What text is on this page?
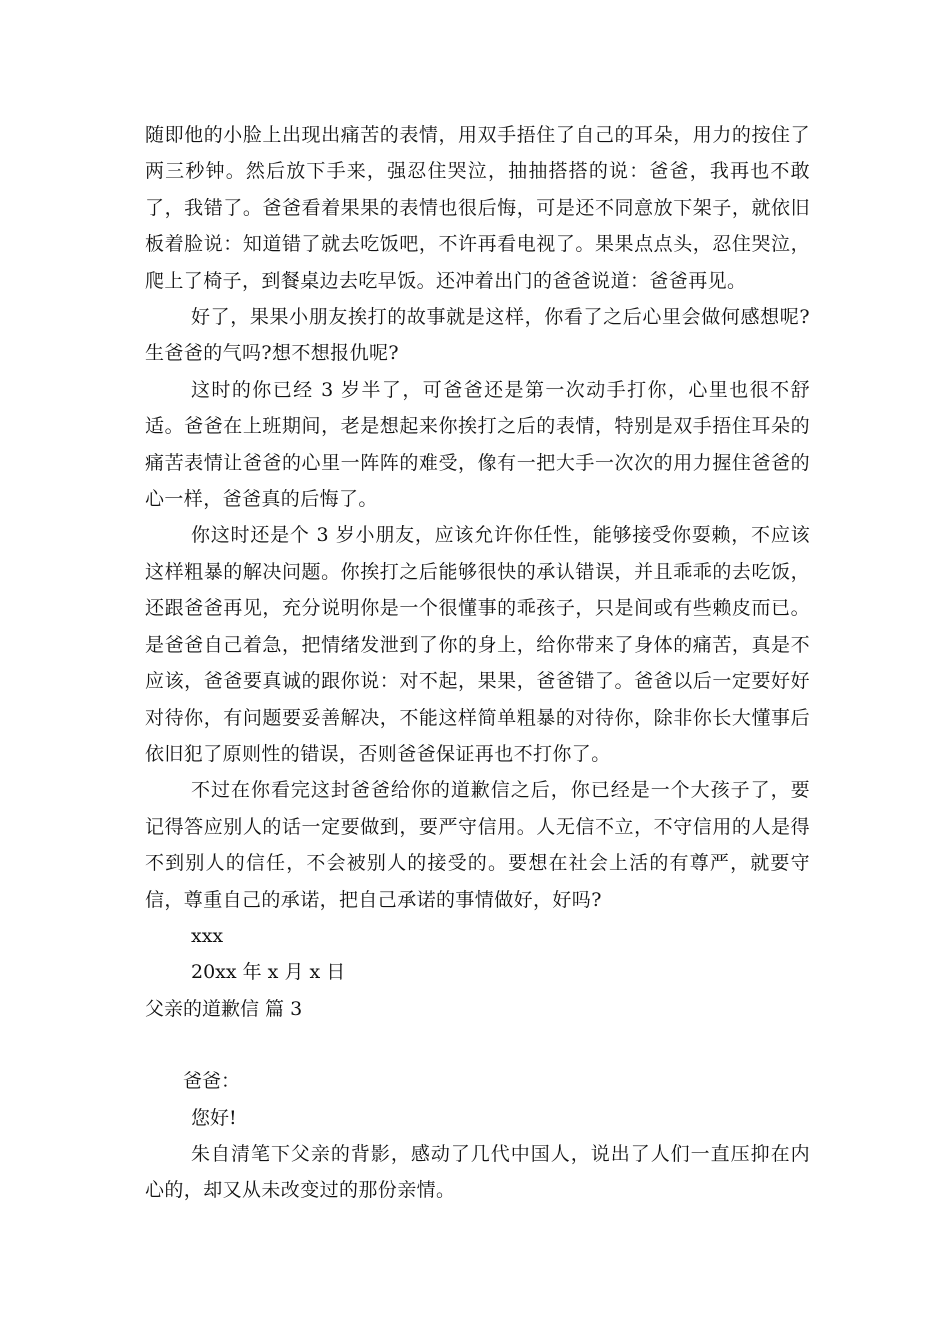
随即他的小脸上出现出痛苦的表情，用双手捂住了自己的耳朵，用力的按住了两三秒钟。然后放下手来，强忍住哭泣，抽抽搭搭的说：爸爸，我再也不敢了，我错了。爸爸看着果果的表情也很后悔，可是还不同意放下架子，就依旧板着脸说：知道错了就去吃饭吧，不许再看电视了。果果点点头，忍住哭泣，爬上了椅子，到餐桌边去吃早饭。还冲着出门的爸爸说道：爸爸再见。

好了，果果小朋友挨打的故事就是这样，你看了之后心里会做何感想呢?生爸爸的气吗?想不想报仇呢?

这时的你已经 3 岁半了，可爸爸还是第一次动手打你，心里也很不舒适。爸爸在上班期间，老是想起来你挨打之后的表情，特别是双手捂住耳朵的痛苦表情让爸爸的心里一阵阵的难受，像有一把大手一次次的用力握住爸爸的心一样，爸爸真的后悔了。

你这时还是个 3 岁小朋友，应该允许你任性，能够接受你耍赖，不应该这样粗暴的解决问题。你挨打之后能够很快的承认错误，并且乖乖的去吃饭，还跟爸爸再见，充分说明你是一个很懂事的乖孩子，只是间或有些赖皮而已。是爸爸自己着急，把情绪发泄到了你的身上，给你带来了身体的痛苦，真是不应该，爸爸要真诚的跟你说：对不起，果果，爸爸错了。爸爸以后一定要好好对待你，有问题要妥善解决，不能这样简单粗暴的对待你，除非你长大懂事后依旧犯了原则性的错误，否则爸爸保证再也不打你了。

不过在你看完这封爸爸给你的道歉信之后，你已经是一个大孩子了，要记得答应别人的话一定要做到，要严守信用。人无信不立，不守信用的人是得不到别人的信任，不会被别人的接受的。要想在社会上活的有尊严，就要守信，尊重自己的承诺，把自己承诺的事情做好，好吗?

xxx

20xx 年 x 月 x 日

父亲的道歉信 篇 3

爸爸：

您好!

朱自清笔下父亲的背影，感动了几代中国人，说出了人们一直压抑在内心的，却又从未改变过的那份亲情。
